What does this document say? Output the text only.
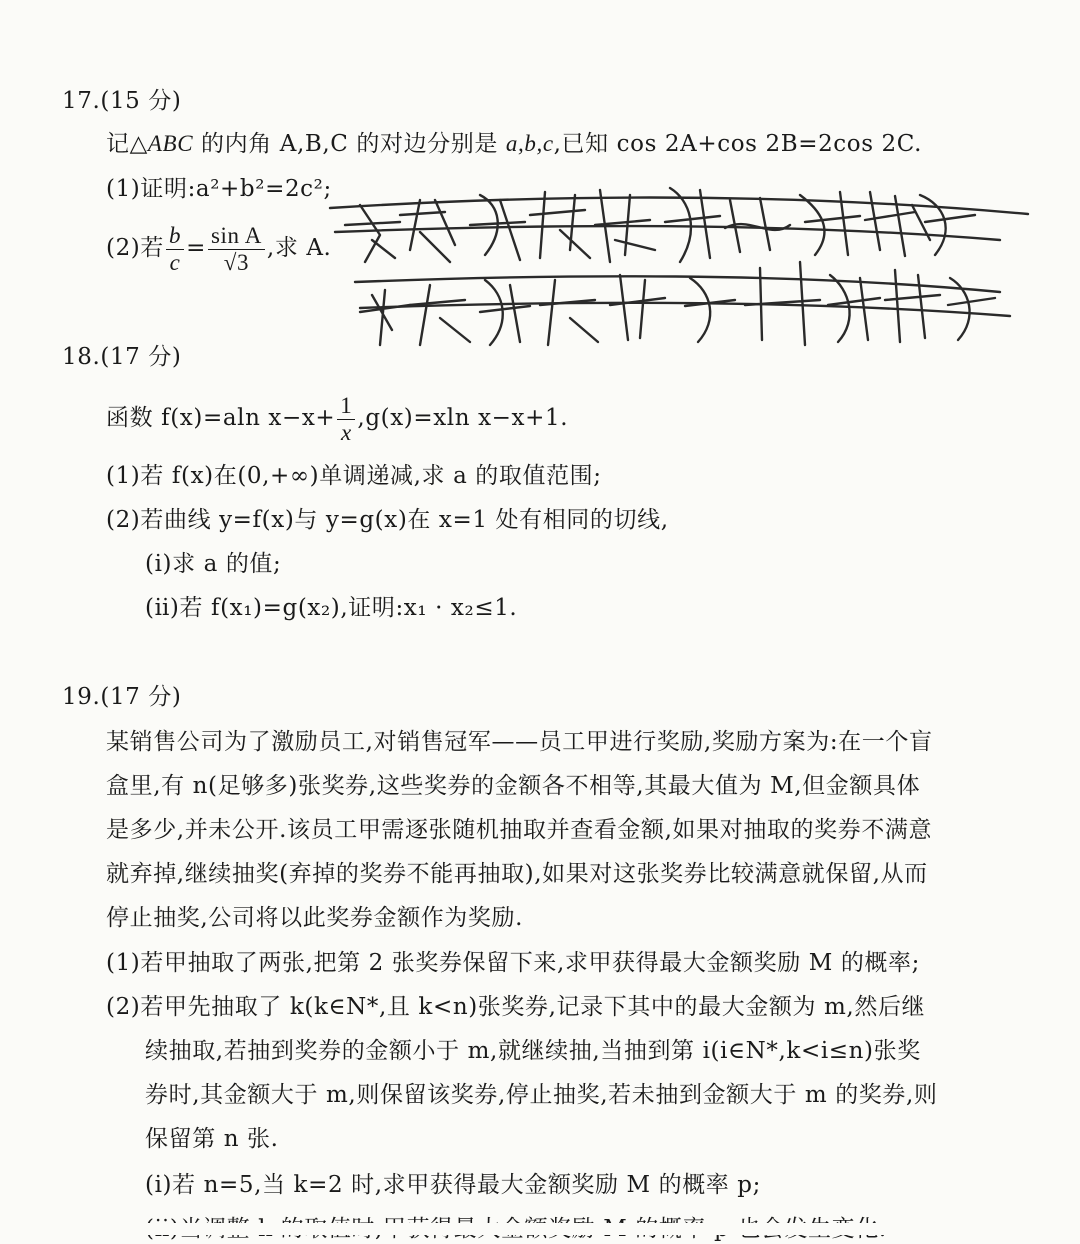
17.(15 分)
记△ABC 的内角 A,B,C 的对边分别是 a,b,c,已知 cos 2A+cos 2B=2cos 2C.
(1)证明:a²+b²=2c²;
(2)若 $\frac{b}{c} = \frac{\text{sin A}}{√3}$ ,求 A.
18.(17 分)
函数 f(x)=aln $x-x+ \frac{1}{x} ,g(x)=xln$ x−x+1.
(1)若 f(x)在(0,+∞)单调递减,求 a 的取值范围;
(2)若曲线 y=f(x)与 y=g(x)在 x=1 处有相同的切线,
(ⅰ)求 a 的值;
(ⅱ)若 f(x₁)=g(x₂),证明:x₁ · x₂≤1.
19.(17 分)
某销售公司为了激励员工,对销售冠军——员工甲进行奖励,奖励方案为:在一个盲
盒里,有 n(足够多)张奖券,这些奖券的金额各不相等,其最大值为 M,但金额具体
是多少,并未公开.该员工甲需逐张随机抽取并查看金额,如果对抽取的奖券不满意
就弃掉,继续抽奖(弃掉的奖券不能再抽取),如果对这张奖券比较满意就保留,从而
停止抽奖,公司将以此奖券金额作为奖励.
(1)若甲抽取了两张,把第 2 张奖券保留下来,求甲获得最大金额奖励 M 的概率;
(2)若甲先抽取了 k(k∈N*,且 k<n)张奖券,记录下其中的最大金额为 m,然后继
续抽取,若抽到奖券的金额小于 m,就继续抽,当抽到第 i(i∈N*,k<i≤n)张奖
券时,其金额大于 m,则保留该奖券,停止抽奖,若未抽到金额大于 m 的奖券,则
保留第 n 张.
(ⅰ)若 n=5,当 k=2 时,求甲获得最大金额奖励 M 的概率 p;
